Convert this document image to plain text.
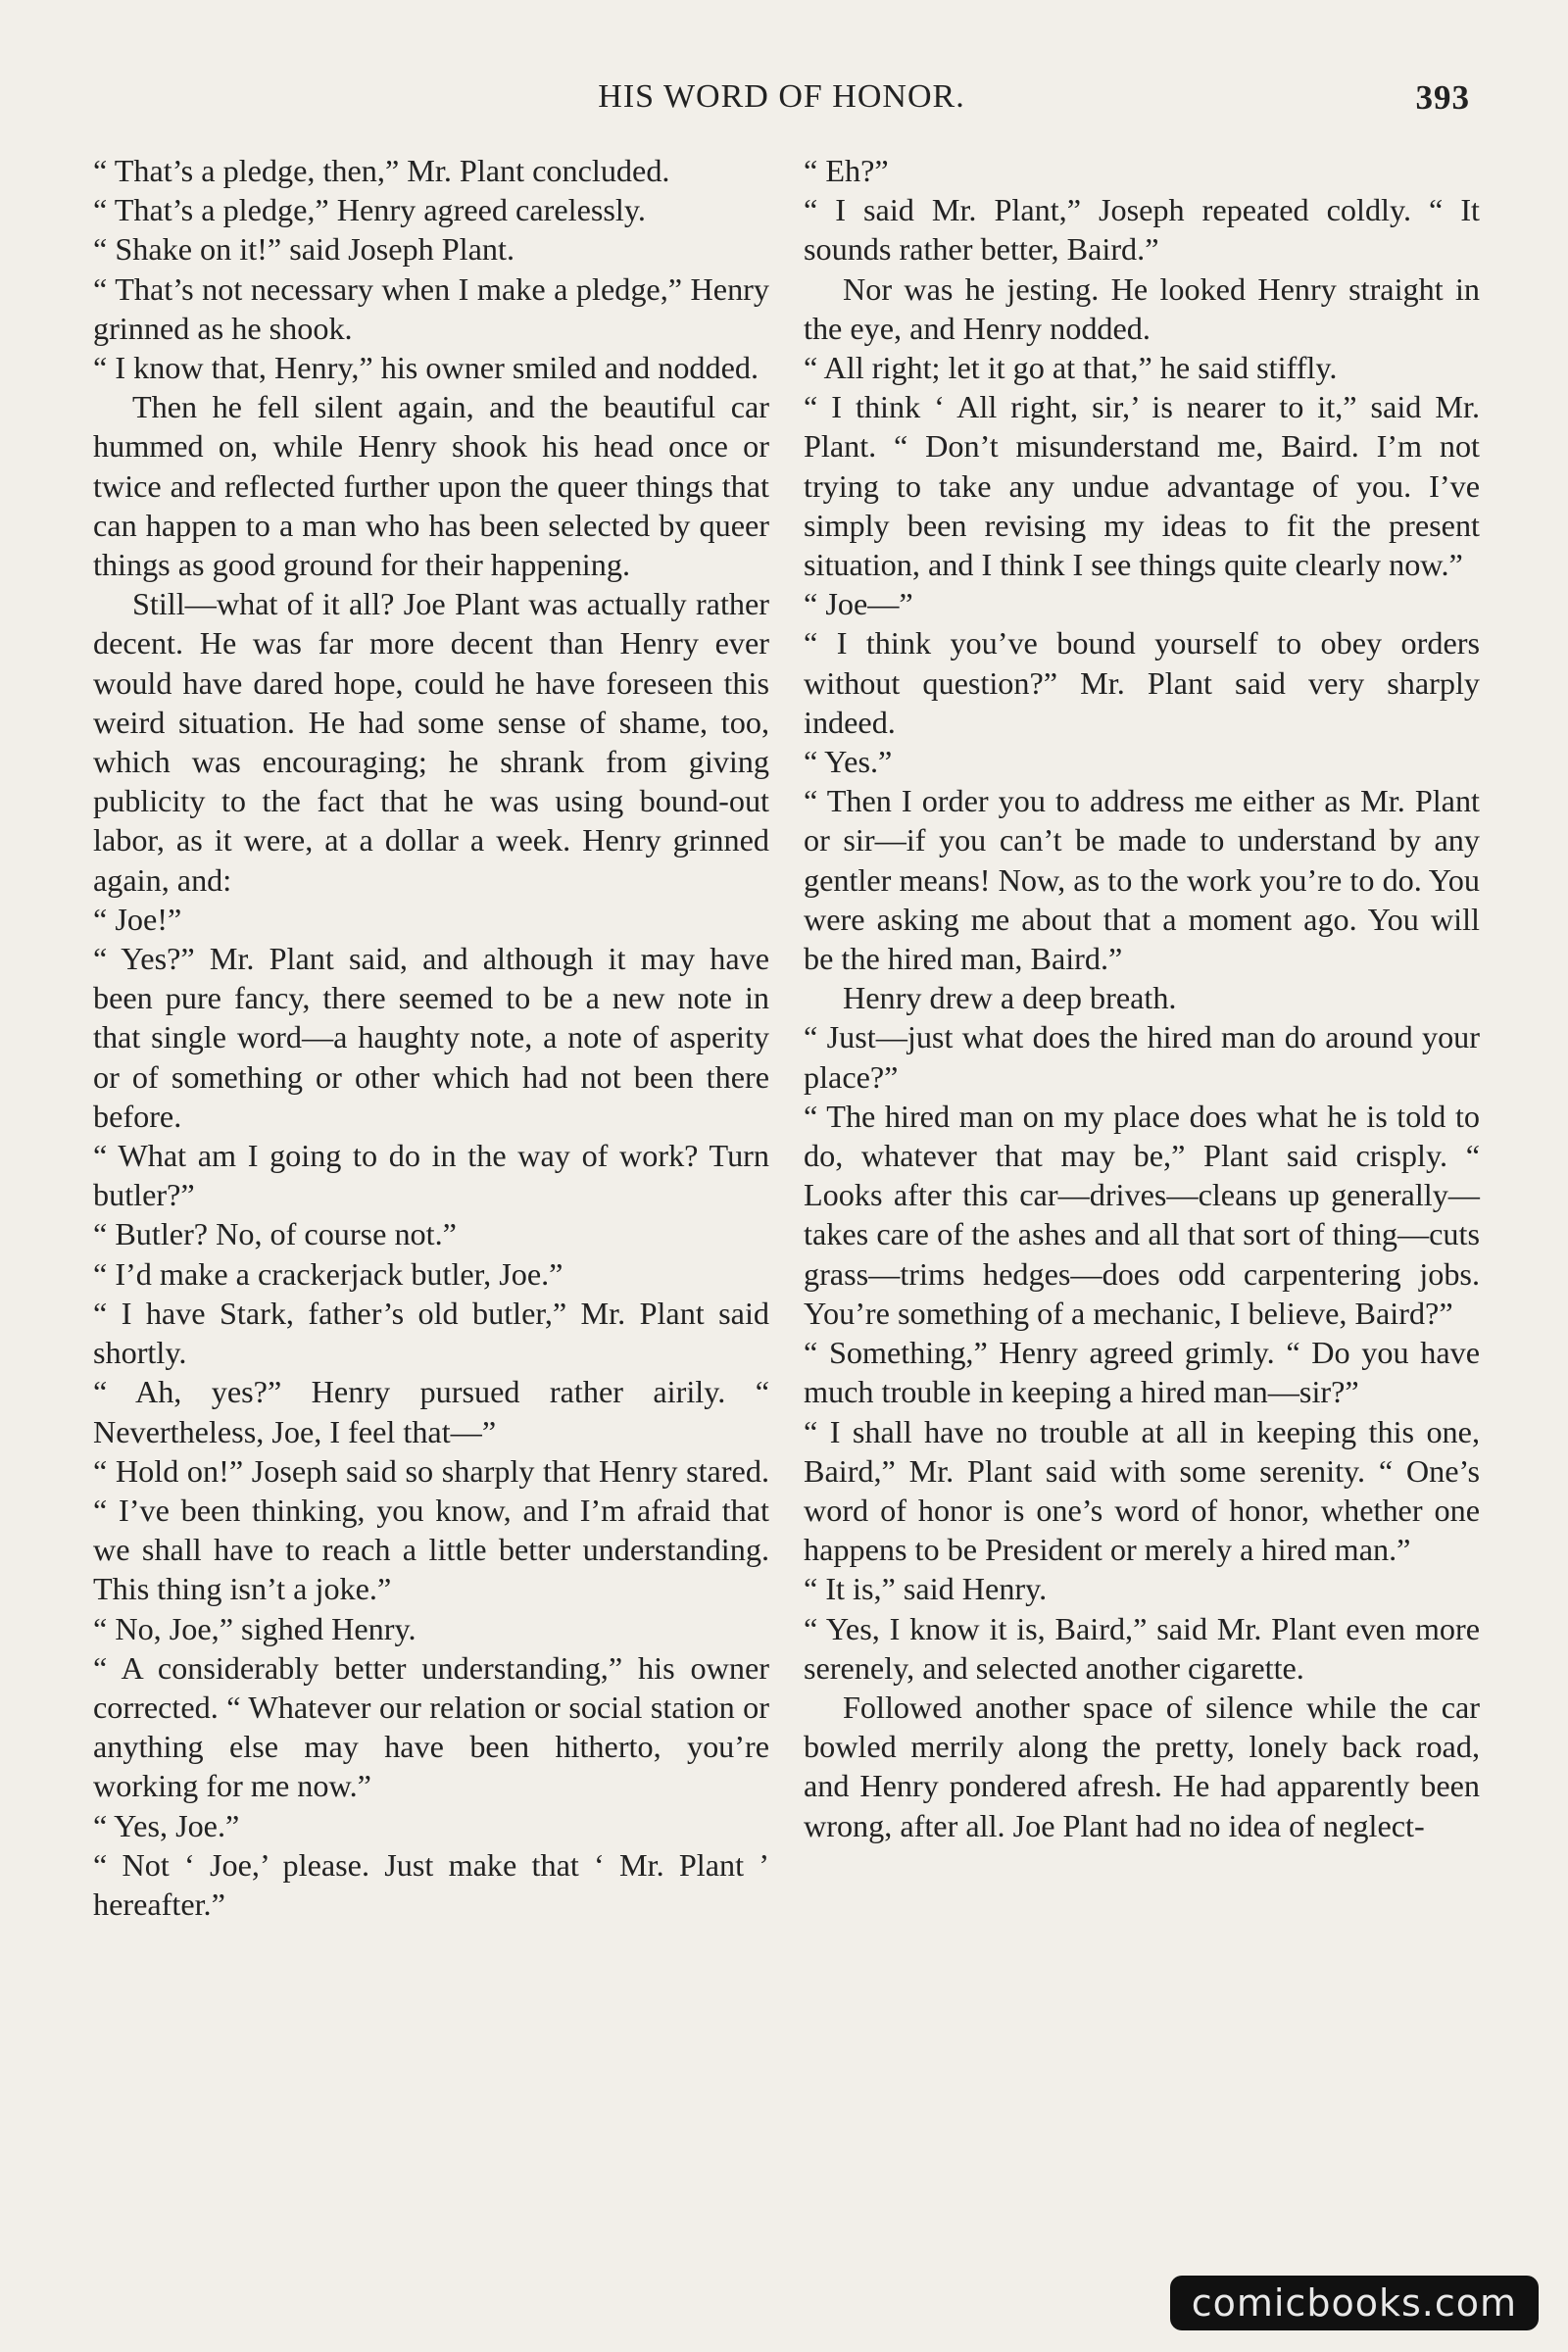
HIS WORD OF HONOR.	393

“ That’s a pledge, then,” Mr. Plant concluded.

“ That’s a pledge,” Henry agreed carelessly.

“ Shake on it!” said Joseph Plant.

“ That’s not necessary when I make a pledge,” Henry grinned as he shook.

“ I know that, Henry,” his owner smiled and nodded.

Then he fell silent again, and the beautiful car hummed on, while Henry shook his head once or twice and reflected further upon the queer things that can happen to a man who has been selected by queer things as good ground for their happening.

Still—what of it all? Joe Plant was actually rather decent. He was far more decent than Henry ever would have dared hope, could he have foreseen this weird situation. He had some sense of shame, too, which was encouraging; he shrank from giving publicity to the fact that he was using bound-out labor, as it were, at a dollar a week. Henry grinned again, and:

“ Joe!”

“ Yes?” Mr. Plant said, and although it may have been pure fancy, there seemed to be a new note in that single word—a haughty note, a note of asperity or of something or other which had not been there before.

“ What am I going to do in the way of work? Turn butler?”

“ Butler? No, of course not.”

“ I’d make a crackerjack butler, Joe.”

“ I have Stark, father’s old butler,” Mr. Plant said shortly.

“ Ah, yes?” Henry pursued rather airily. “ Nevertheless, Joe, I feel that—”

“ Hold on!” Joseph said so sharply that Henry stared. “ I’ve been thinking, you know, and I’m afraid that we shall have to reach a little better understanding. This thing isn’t a joke.”

“ No, Joe,” sighed Henry.

“ A considerably better understanding,” his owner corrected. “ Whatever our relation or social station or anything else may have been hitherto, you’re working for me now.”

“ Yes, Joe.”

“ Not ‘ Joe,’ please. Just make that ‘ Mr. Plant ’ hereafter.”

“ Eh?”

“ I said Mr. Plant,” Joseph repeated coldly. “ It sounds rather better, Baird.”

Nor was he jesting. He looked Henry straight in the eye, and Henry nodded.

“ All right; let it go at that,” he said stiffly.

“ I think ‘ All right, sir,’ is nearer to it,” said Mr. Plant. “ Don’t misunderstand me, Baird. I’m not trying to take any undue advantage of you. I’ve simply been revising my ideas to fit the present situation, and I think I see things quite clearly now.”

“ Joe—”

“ I think you’ve bound yourself to obey orders without question?” Mr. Plant said very sharply indeed.

“ Yes.”

“ Then I order you to address me either as Mr. Plant or sir—if you can’t be made to understand by any gentler means! Now, as to the work you’re to do. You were asking me about that a moment ago. You will be the hired man, Baird.”

Henry drew a deep breath.

“ Just—just what does the hired man do around your place?”

“ The hired man on my place does what he is told to do, whatever that may be,” Plant said crisply. “ Looks after this car—drives—cleans up generally—takes care of the ashes and all that sort of thing—cuts grass—trims hedges—does odd carpentering jobs. You’re something of a mechanic, I believe, Baird?”

“ Something,” Henry agreed grimly. “ Do you have much trouble in keeping a hired man—sir?”

“ I shall have no trouble at all in keeping this one, Baird,” Mr. Plant said with some serenity. “ One’s word of honor is one’s word of honor, whether one happens to be President or merely a hired man.”

“ It is,” said Henry.

“ Yes, I know it is, Baird,” said Mr. Plant even more serenely, and selected another cigarette.

Followed another space of silence while the car bowled merrily along the pretty, lonely back road, and Henry pondered afresh. He had apparently been wrong, after all. Joe Plant had no idea of neglect-

comicbooks.com
